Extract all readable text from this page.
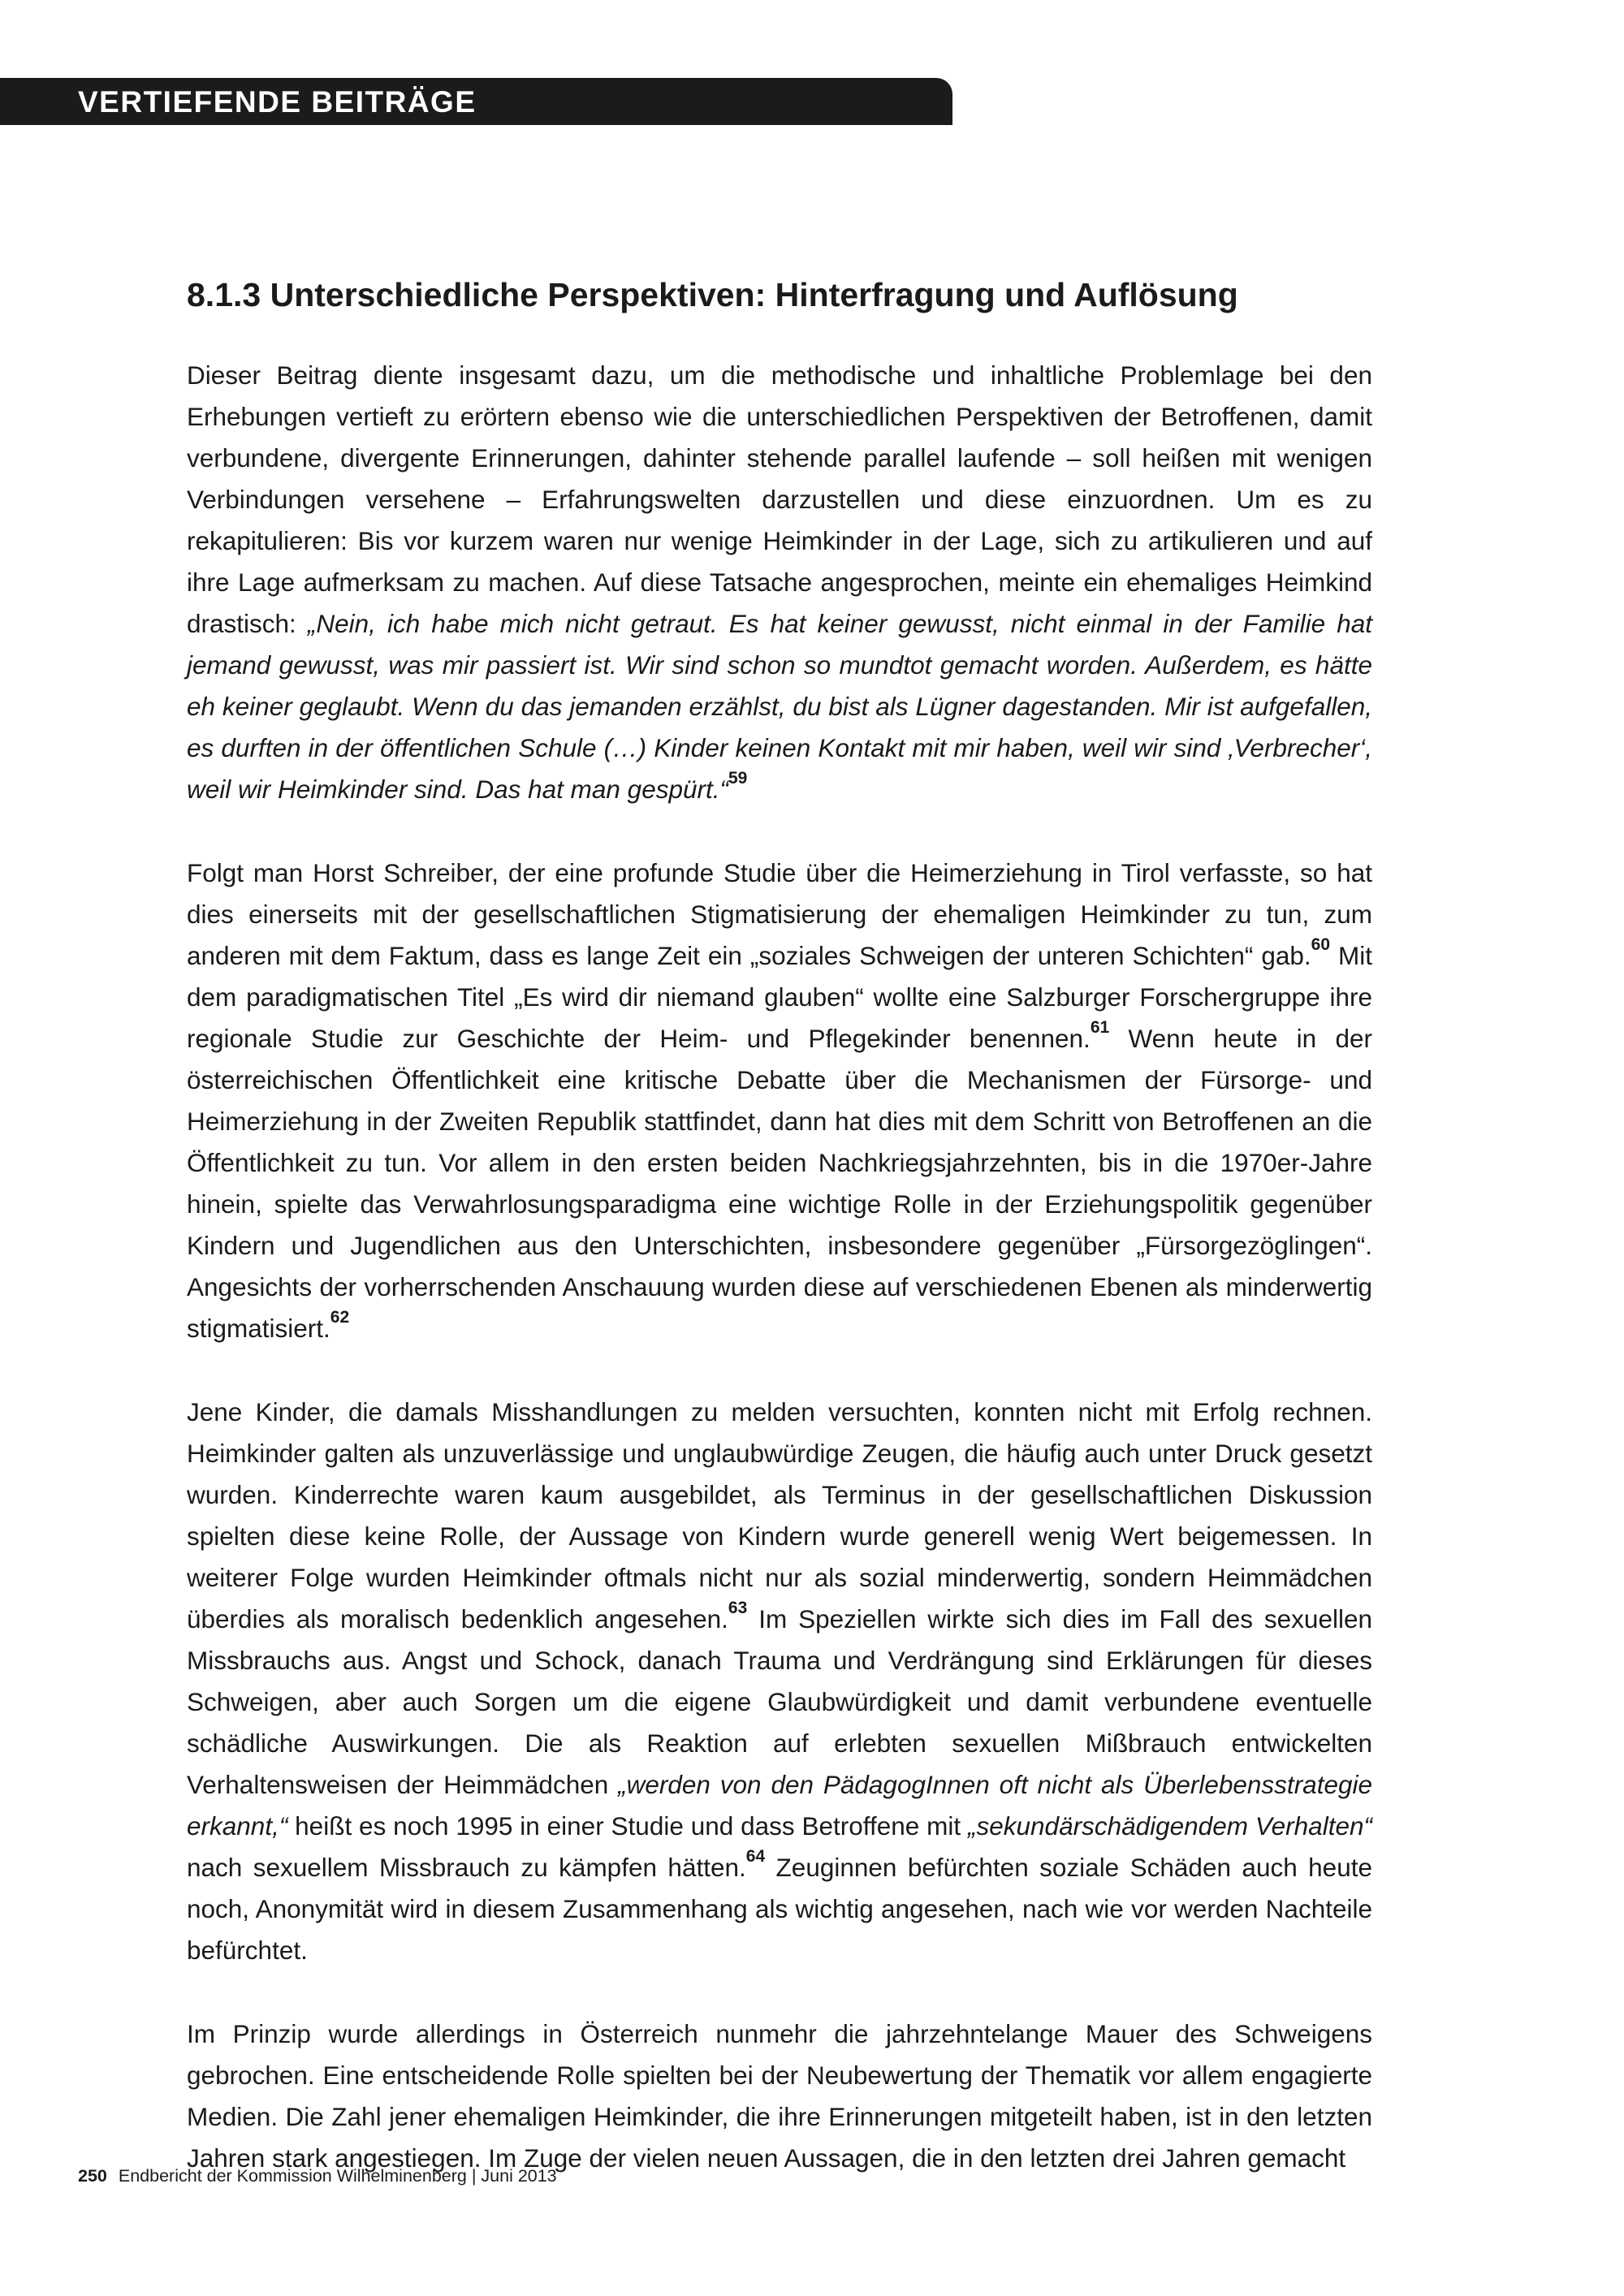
VERTIEFENDE BEITRÄGE
8.1.3 Unterschiedliche Perspektiven: Hinterfragung und Auflösung

Dieser Beitrag diente insgesamt dazu, um die methodische und inhaltliche Problemlage bei den Erhebungen vertieft zu erörtern ebenso wie die unterschiedlichen Perspektiven der Betroffenen, damit verbundene, divergente Erinnerungen, dahinter stehende parallel laufende – soll heißen mit wenigen Verbindungen versehene – Erfahrungswelten darzustellen und diese einzuordnen. Um es zu rekapitulieren: Bis vor kurzem waren nur wenige Heimkinder in der Lage, sich zu artikulieren und auf ihre Lage aufmerksam zu machen. Auf diese Tatsache angesprochen, meinte ein ehemaliges Heimkind drastisch: „Nein, ich habe mich nicht getraut. Es hat keiner gewusst, nicht einmal in der Familie hat jemand gewusst, was mir passiert ist. Wir sind schon so mundtot gemacht worden. Außerdem, es hätte eh keiner geglaubt. Wenn du das jemanden erzählst, du bist als Lügner dagestanden. Mir ist aufgefallen, es durften in der öffentlichen Schule (…) Kinder keinen Kontakt mit mir haben, weil wir sind ‚Verbrecher‘, weil wir Heimkinder sind. Das hat man gespürt.“$^{59}$

Folgt man Horst Schreiber, der eine profunde Studie über die Heimerziehung in Tirol verfasste, so hat dies einerseits mit der gesellschaftlichen Stigmatisierung der ehemaligen Heimkinder zu tun, zum anderen mit dem Faktum, dass es lange Zeit ein „soziales Schweigen der unteren Schichten“ gab.$^{60}$ Mit dem paradigmatischen Titel „Es wird dir niemand glauben“ wollte eine Salzburger Forschergruppe ihre regionale Studie zur Geschichte der Heim- und Pflegekinder benennen.$^{61}$ Wenn heute in der österreichischen Öffentlichkeit eine kritische Debatte über die Mechanismen der Fürsorge- und Heimerziehung in der Zweiten Republik stattfindet, dann hat dies mit dem Schritt von Betroffenen an die Öffentlichkeit zu tun. Vor allem in den ersten beiden Nachkriegsjahrzehnten, bis in die 1970er-Jahre hinein, spielte das Verwahrlosungsparadigma eine wichtige Rolle in der Erziehungspolitik gegenüber Kindern und Jugendlichen aus den Unterschichten, insbesondere gegenüber „Fürsorgezöglingen“. Angesichts der vorherrschenden Anschauung wurden diese auf verschiedenen Ebenen als minderwertig stigmatisiert.$^{62}$

Jene Kinder, die damals Misshandlungen zu melden versuchten, konnten nicht mit Erfolg rechnen. Heimkinder galten als unzuverlässige und unglaubwürdige Zeugen, die häufig auch unter Druck gesetzt wurden. Kinderrechte waren kaum ausgebildet, als Terminus in der gesellschaftlichen Diskussion spielten diese keine Rolle, der Aussage von Kindern wurde generell wenig Wert beigemessen. In weiterer Folge wurden Heimkinder oftmals nicht nur als sozial minderwertig, sondern Heimmädchen überdies als moralisch bedenklich angesehen.$^{63}$ Im Speziellen wirkte sich dies im Fall des sexuellen Missbrauchs aus. Angst und Schock, danach Trauma und Verdrängung sind Erklärungen für dieses Schweigen, aber auch Sorgen um die eigene Glaubwürdigkeit und damit verbundene eventuelle schädliche Auswirkungen. Die als Reaktion auf erlebten sexuellen Mißbrauch entwickelten Verhaltensweisen der Heimmädchen „werden von den PädagogInnen oft nicht als Überlebensstrategie erkannt,“ heißt es noch 1995 in einer Studie und dass Betroffene mit „sekundärschädigendem Verhalten“ nach sexuellem Missbrauch zu kämpfen hätten.$^{64}$ Zeuginnen befürchten soziale Schäden auch heute noch, Anonymität wird in diesem Zusammenhang als wichtig angesehen, nach wie vor werden Nachteile befürchtet.

Im Prinzip wurde allerdings in Österreich nunmehr die jahrzehntelange Mauer des Schweigens gebrochen. Eine entscheidende Rolle spielten bei der Neubewertung der Thematik vor allem engagierte Medien. Die Zahl jener ehemaligen Heimkinder, die ihre Erinnerungen mitgeteilt haben, ist in den letzten Jahren stark angestiegen. Im Zuge der vielen neuen Aussagen, die in den letzten drei Jahren gemacht

250 Endbericht der Kommission Wilhelminenberg | Juni 2013
